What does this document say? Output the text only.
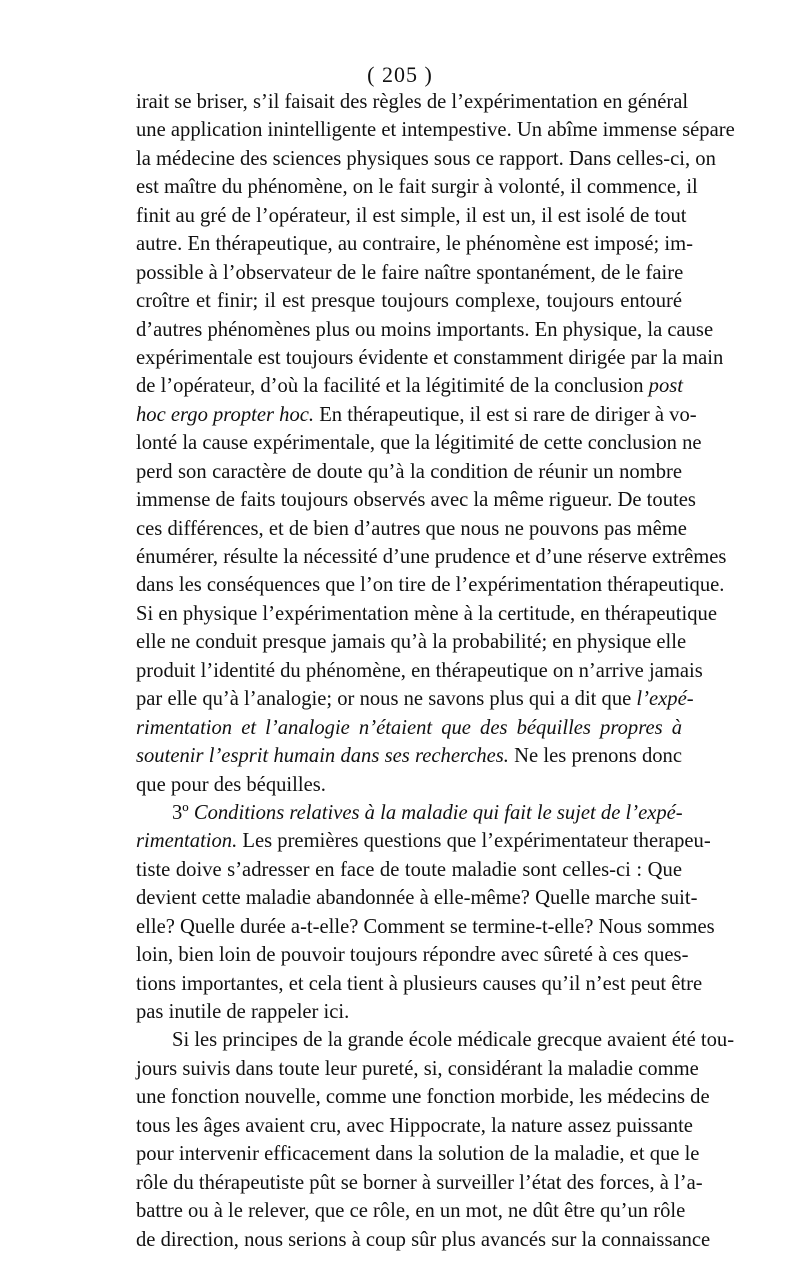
( 205 )
irait se briser, s’il faisait des règles de l’expérimentation en général
une application inintelligente et intempestive. Un abîme immense sépare
la médecine des sciences physiques sous ce rapport. Dans celles-ci, on
est maître du phénomène, on le fait surgir à volonté, il commence, il
finit au gré de l’opérateur, il est simple, il est un, il est isolé de tout
autre. En thérapeutique, au contraire, le phénomène est imposé; im-
possible à l’observateur de le faire naître spontanément, de le faire
croître et finir; il est presque toujours complexe, toujours entouré
d’autres phénomènes plus ou moins importants. En physique, la cause
expérimentale est toujours évidente et constamment dirigée par la main
de l’opérateur, d’où la facilité et la légitimité de la conclusion post
hoc ergo propter hoc. En thérapeutique, il est si rare de diriger à vo-
lonté la cause expérimentale, que la légitimité de cette conclusion ne
perd son caractère de doute qu’à la condition de réunir un nombre
immense de faits toujours observés avec la même rigueur. De toutes
ces différences, et de bien d’autres que nous ne pouvons pas même
énumérer, résulte la nécessité d’une prudence et d’une réserve extrêmes
dans les conséquences que l’on tire de l’expérimentation thérapeutique.
Si en physique l’expérimentation mène à la certitude, en thérapeutique
elle ne conduit presque jamais qu’à la probabilité; en physique elle
produit l’identité du phénomène, en thérapeutique on n’arrive jamais
par elle qu’à l’analogie; or nous ne savons plus qui a dit que l’expé-
rimentation et l’analogie n’étaient que des béquilles propres à
soutenir l’esprit humain dans ses recherches. Ne les prenons donc
que pour des béquilles.
3º Conditions relatives à la maladie qui fait le sujet de l’expé-
rimentation. Les premières questions que l’expérimentateur therapeu-
tiste doive s’adresser en face de toute maladie sont celles-ci : Que
devient cette maladie abandonnée à elle-même? Quelle marche suit-
elle? Quelle durée a-t-elle? Comment se termine-t-elle? Nous sommes
loin, bien loin de pouvoir toujours répondre avec sûreté à ces ques-
tions importantes, et cela tient à plusieurs causes qu’il n’est peut être
pas inutile de rappeler ici.
Si les principes de la grande école médicale grecque avaient été tou-
jours suivis dans toute leur pureté, si, considérant la maladie comme
une fonction nouvelle, comme une fonction morbide, les médecins de
tous les âges avaient cru, avec Hippocrate, la nature assez puissante
pour intervenir efficacement dans la solution de la maladie, et que le
rôle du thérapeutiste pût se borner à surveiller l’état des forces, à l’a-
battre ou à le relever, que ce rôle, en un mot, ne dût être qu’un rôle
de direction, nous serions à coup sûr plus avancés sur la connaissance
